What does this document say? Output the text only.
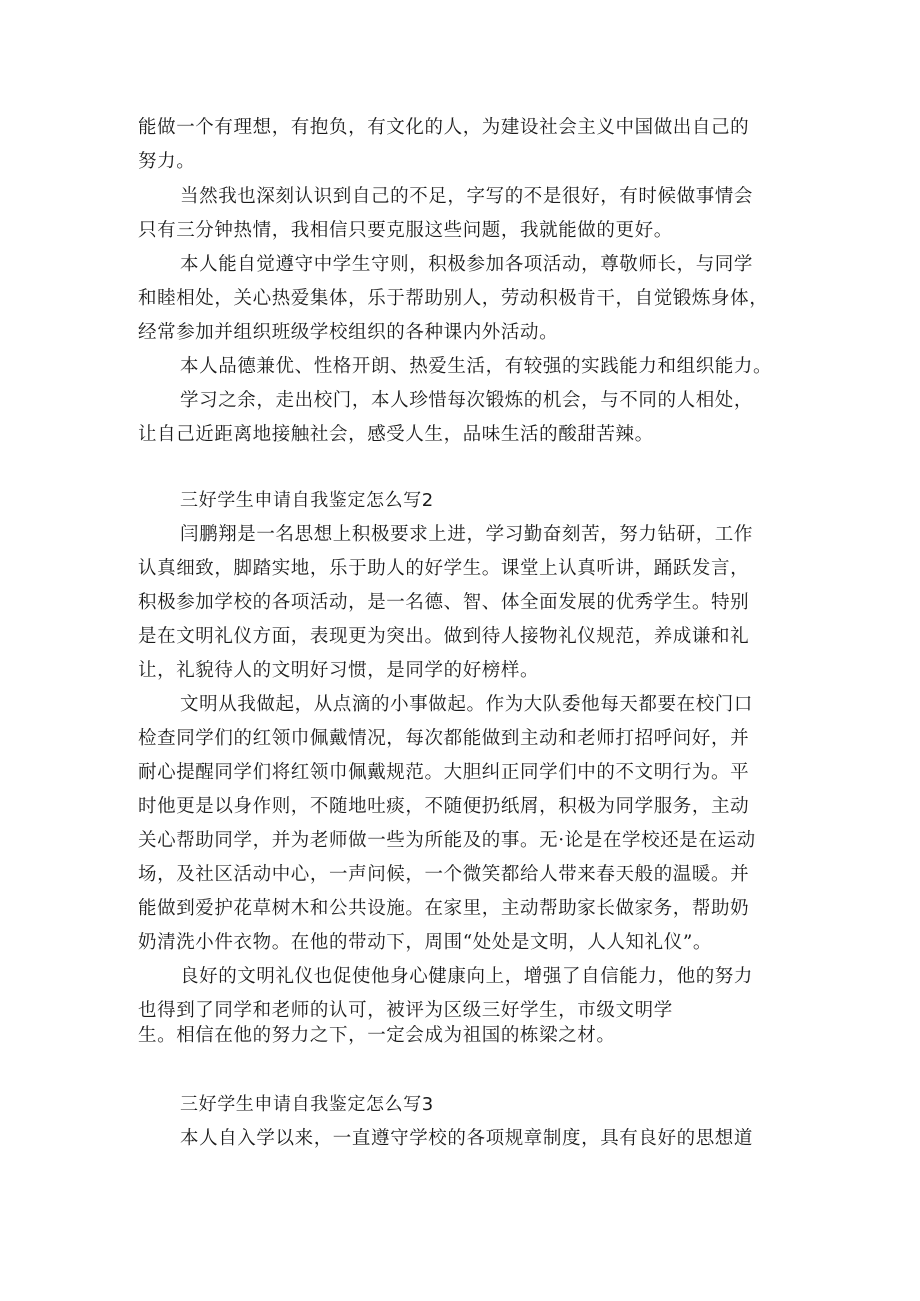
能做一个有理想，有抱负，有文化的人，为建设社会主义中国做出自己的
努力。
当然我也深刻认识到自己的不足，字写的不是很好，有时候做事情会
只有三分钟热情，我相信只要克服这些问题，我就能做的更好。
本人能自觉遵守中学生守则，积极参加各项活动，尊敬师长，与同学
和睦相处，关心热爱集体，乐于帮助别人，劳动积极肯干，自觉锻炼身体，
经常参加并组织班级学校组织的各种课内外活动。
本人品德兼优、性格开朗、热爱生活，有较强的实践能力和组织能力。
学习之余，走出校门，本人珍惜每次锻炼的机会，与不同的人相处，
让自己近距离地接触社会，感受人生，品味生活的酸甜苦辣。
三好学生申请自我鉴定怎么写2
闫鹏翔是一名思想上积极要求上进，学习勤奋刻苦，努力钻研，工作
认真细致，脚踏实地，乐于助人的好学生。课堂上认真听讲，踊跃发言，
积极参加学校的各项活动，是一名德、智、体全面发展的优秀学生。特别
是在文明礼仪方面，表现更为突出。做到待人接物礼仪规范，养成谦和礼
让，礼貌待人的文明好习惯，是同学的好榜样。
文明从我做起，从点滴的小事做起。作为大队委他每天都要在校门口
检查同学们的红领巾佩戴情况，每次都能做到主动和老师打招呼问好，并
耐心提醒同学们将红领巾佩戴规范。大胆纠正同学们中的不文明行为。平
时他更是以身作则，不随地吐痰，不随便扔纸屑，积极为同学服务，主动
关心帮助同学，并为老师做一些为所能及的事。无·论是在学校还是在运动
场，及社区活动中心，一声问候，一个微笑都给人带来春天般的温暖。并
能做到爱护花草树木和公共设施。在家里，主动帮助家长做家务，帮助奶
奶清洗小件衣物。在他的带动下，周围“处处是文明，人人知礼仪”。
良好的文明礼仪也促使他身心健康向上，增强了自信能力，他的努力
也得到了同学和老师的认可，被评为区级三好学生，市级文明学
生。相信在他的努力之下，一定会成为祖国的栋梁之材。
三好学生申请自我鉴定怎么写3
本人自入学以来，一直遵守学校的各项规章制度，具有良好的思想道
